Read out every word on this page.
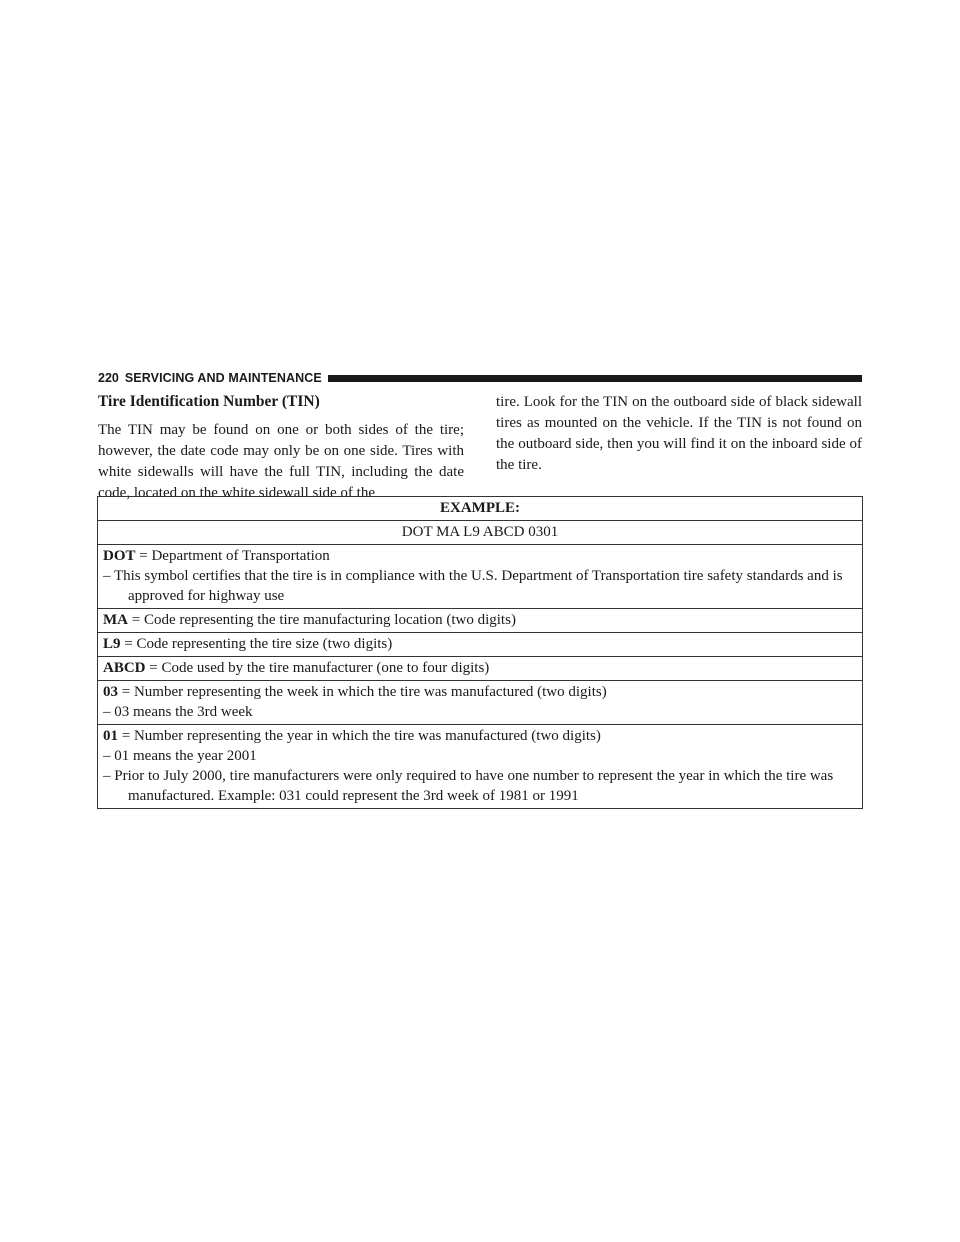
220 SERVICING AND MAINTENANCE
Tire Identification Number (TIN)

The TIN may be found on one or both sides of the tire; however, the date code may only be on one side. Tires with white sidewalls will have the full TIN, including the date code, located on the white sidewall side of the

tire. Look for the TIN on the outboard side of black sidewall tires as mounted on the vehicle. If the TIN is not found on the outboard side, then you will find it on the inboard side of the tire.

EXAMPLE:
DOT MA L9 ABCD 0301

DOT = Department of Transportation
– This symbol certifies that the tire is in compliance with the U.S. Department of Transportation tire safety standards and is approved for highway use

MA = Code representing the tire manufacturing location (two digits)

L9 = Code representing the tire size (two digits)

ABCD = Code used by the tire manufacturer (one to four digits)

03 = Number representing the week in which the tire was manufactured (two digits)
– 03 means the 3rd week

01 = Number representing the year in which the tire was manufactured (two digits)
– 01 means the year 2001
– Prior to July 2000, tire manufacturers were only required to have one number to represent the year in which the tire was manufactured. Example: 031 could represent the 3rd week of 1981 or 1991
